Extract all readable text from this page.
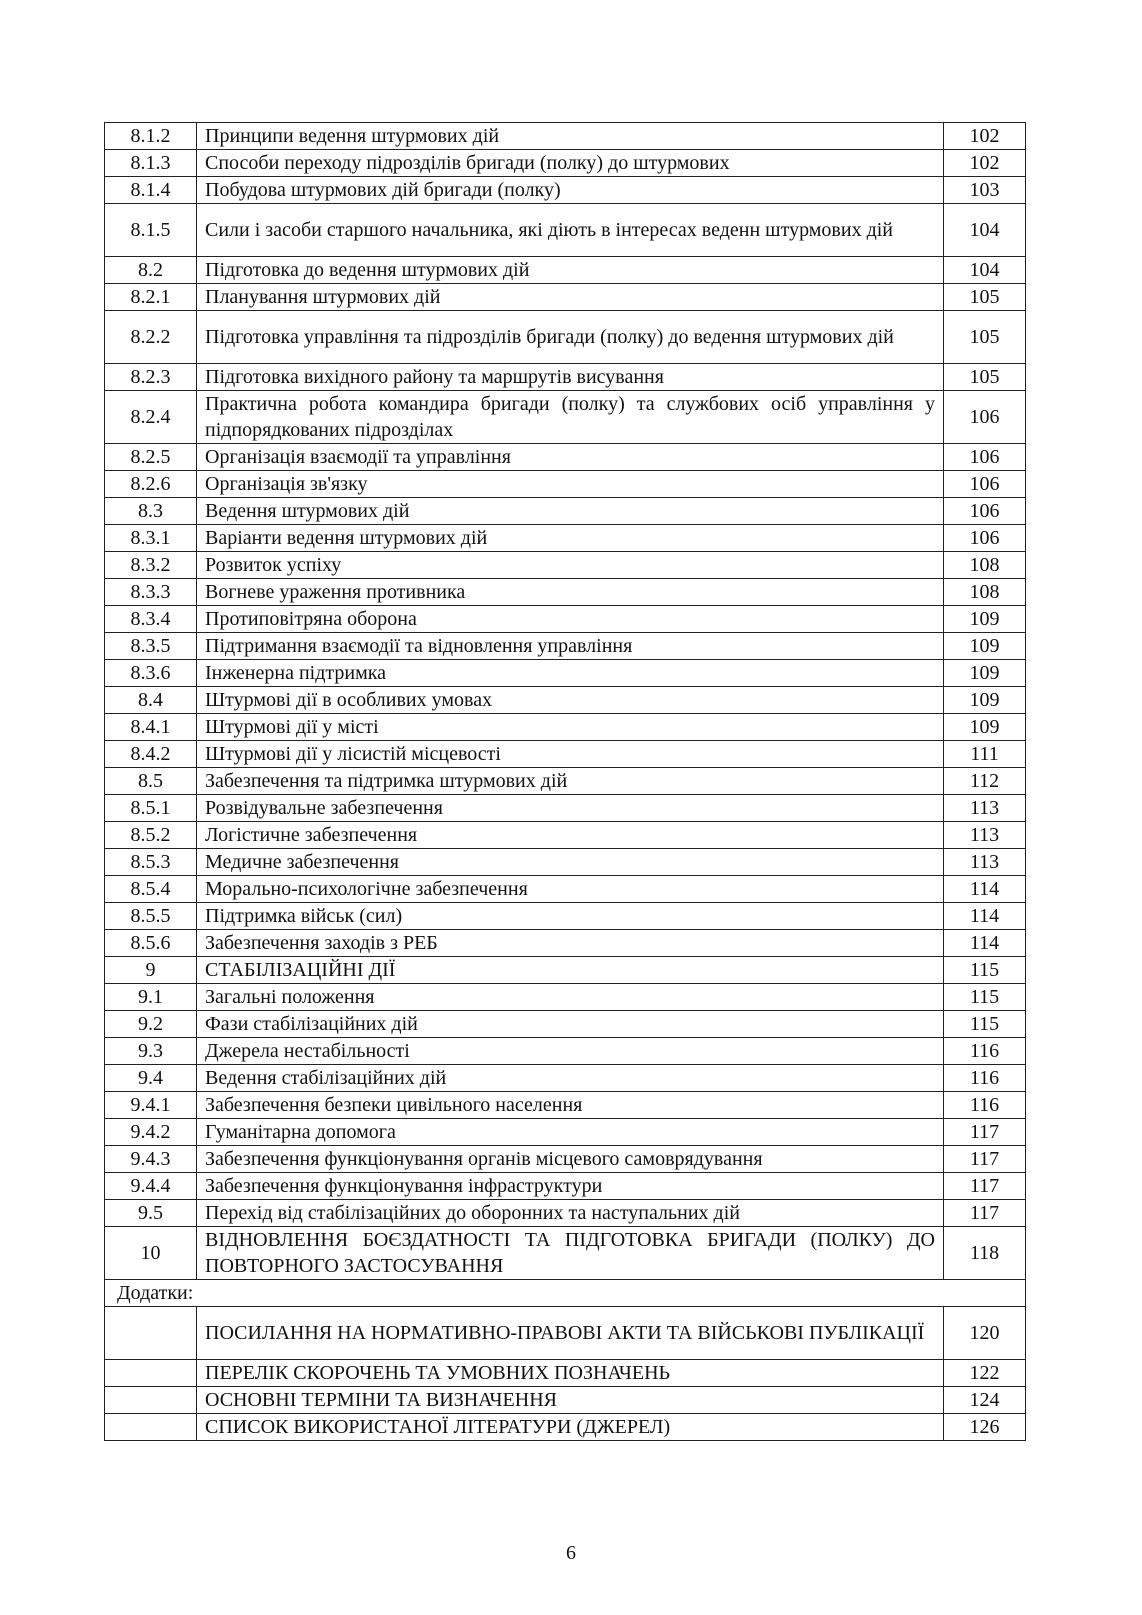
8.1.2	Принципи ведення штурмових дій	102
8.1.3	Способи переходу підрозділів бригади (полку) до штурмових	102
8.1.4	Побудова штурмових дій бригади (полку)	103
8.1.5	Сили і засоби старшого начальника, які діють в інтересах веденн штурмових дій	104
8.2	Підготовка до ведення штурмових дій	104
8.2.1	Планування штурмових дій	105
8.2.2	Підготовка управління та підрозділів бригади (полку) до ведення штурмових дій	105
8.2.3	Підготовка вихідного району та маршрутів висування	105
8.2.4	Практична робота командира бригади (полку) та службових осіб управління у підпорядкованих підрозділах	106
8.2.5	Організація взаємодії та управління	106
8.2.6	Організація зв'язку	106
8.3	Ведення штурмових дій	106
8.3.1	Варіанти ведення штурмових дій	106
8.3.2	Розвиток успіху	108
8.3.3	Вогневе ураження противника	108
8.3.4	Протиповітряна оборона	109
8.3.5	Підтримання взаємодії та відновлення управління	109
8.3.6	Інженерна підтримка	109
8.4	Штурмові дії в особливих умовах	109
8.4.1	Штурмові дії у місті	109
8.4.2	Штурмові дії у лісистій місцевості	111
8.5	Забезпечення та підтримка штурмових дій	112
8.5.1	Розвідувальне забезпечення	113
8.5.2	Логістичне забезпечення	113
8.5.3	Медичне забезпечення	113
8.5.4	Морально-психологічне забезпечення	114
8.5.5	Підтримка військ (сил)	114
8.5.6	Забезпечення заходів з РЕБ	114
9	СТАБІЛІЗАЦІЙНІ ДІЇ	115
9.1	Загальні положення	115
9.2	Фази стабілізаційних дій	115
9.3	Джерела нестабільності	116
9.4	Ведення стабілізаційних дій	116
9.4.1	Забезпечення безпеки цивільного населення	116
9.4.2	Гуманітарна допомога	117
9.4.3	Забезпечення функціонування органів місцевого самоврядування	117
9.4.4	Забезпечення функціонування інфраструктури	117
9.5	Перехід від стабілізаційних до оборонних та наступальних дій	117
10	ВІДНОВЛЕННЯ БОЄЗДАТНОСТІ ТА ПІДГОТОВКА БРИГАДИ (ПОЛКУ) ДО ПОВТОРНОГО ЗАСТОСУВАННЯ	118
Додатки:		
	ПОСИЛАННЯ НА НОРМАТИВНО-ПРАВОВІ АКТИ ТА ВІЙСЬКОВІ ПУБЛІКАЦІЇ	120
	ПЕРЕЛІК СКОРОЧЕНЬ ТА УМОВНИХ ПОЗНАЧЕНЬ	122
	ОСНОВНІ ТЕРМІНИ ТА ВИЗНАЧЕННЯ	124
	СПИСОК ВИКОРИСТАНОЇ ЛІТЕРАТУРИ (ДЖЕРЕЛ)	126
6
